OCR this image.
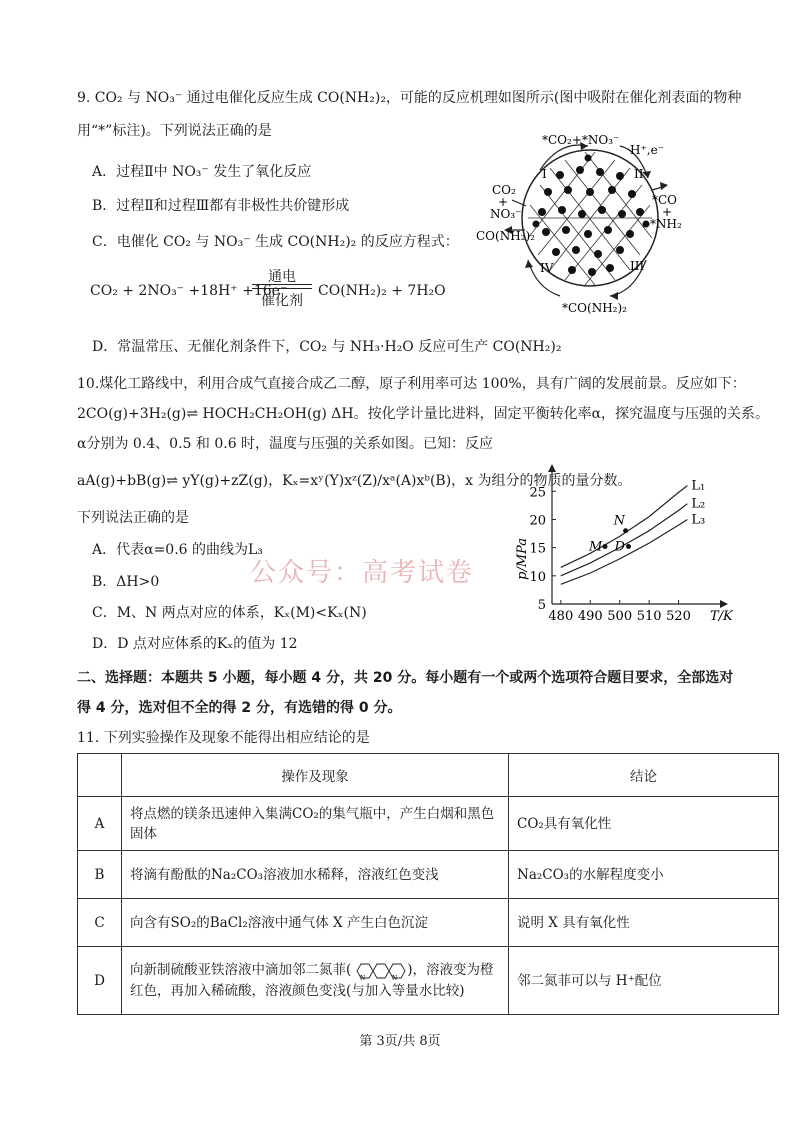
9. CO₂ 与 NO₃⁻ 通过电催化反应生成 CO(NH₂)₂，可能的反应机理如图所示(图中吸附在催化剂表面的物种
用“*”标注)。下列说法正确的是
A．过程Ⅱ中 NO₃⁻ 发生了氧化反应
B．过程Ⅱ和过程Ⅲ都有非极性共价键形成
C．电催化 CO₂ 与 NO₃⁻ 生成 CO(NH₂)₂ 的反应方程式：
CO₂ + 2NO₃⁻ +18H⁺ +16e⁻
通电
催化剂
CO(NH₂)₂ + 7H₂O
D．常温常压、无催化剂条件下，CO₂ 与 NH₃·H₂O 反应可生产 CO(NH₂)₂
*CO₂+*NO₃⁻
H⁺,e⁻
CO₂
+
NO₃⁻
CO(NH₂)₂
*CO
+
*NH₂
*CO(NH₂)₂
I	II
III
IV
10.煤化工路线中，利用合成气直接合成乙二醇，原子利用率可达 100%，具有广阔的发展前景。反应如下：
2CO(g)+3H₂(g)⇌ HOCH₂CH₂OH(g) ΔH。按化学计量比进料，固定平衡转化率α，探究温度与压强的关系。
α分别为 0.4、0.5 和 0.6 时，温度与压强的关系如图。已知：反应
aA(g)+bB(g)⇌ yY(g)+zZ(g)，Kₓ=xʸ(Y)xᶻ(Z)/xᵃ(A)xᵇ(B)，x 为组分的物质的量分数。
下列说法正确的是
A．代表α=0.6 的曲线为L₃
B．ΔH>0
C．M、N 两点对应的体系，Kₓ(M)<Kₓ(N)
D．D 点对应体系的Kₓ的值为 12
公众号：高考试卷
480 490 500 510 520
5
10
15
20
25	L₁
L₂
L₃
M
N
D
T/K
p/MPa
二、选择题：本题共 5 小题，每小题 4 分，共 20 分。每小题有一个或两个选项符合题目要求，全部选对
得 4 分，选对但不全的得 2 分，有选错的得 0 分。
11. 下列实验操作及现象不能得出相应结论的是
	操作及现象	结论
A	将点燃的镁条迅速伸入集满CO₂的集气瓶中，产生白烟和黑色固体	CO₂具有氧化性
B	将滴有酚酞的Na₂CO₃溶液加水稀释，溶液红色变浅	Na₂CO₃的水解程度变小
C	向含有SO₂的BaCl₂溶液中通气体 X 产生白色沉淀	说明 X 具有氧化性
D	向新制硫酸亚铁溶液中滴加邻二氮菲( N N )，溶液变为橙红色，再加入稀硫酸，溶液颜色变浅(与加入等量水比较)	邻二氮菲可以与 H⁺配位
第 3页/共 8页
